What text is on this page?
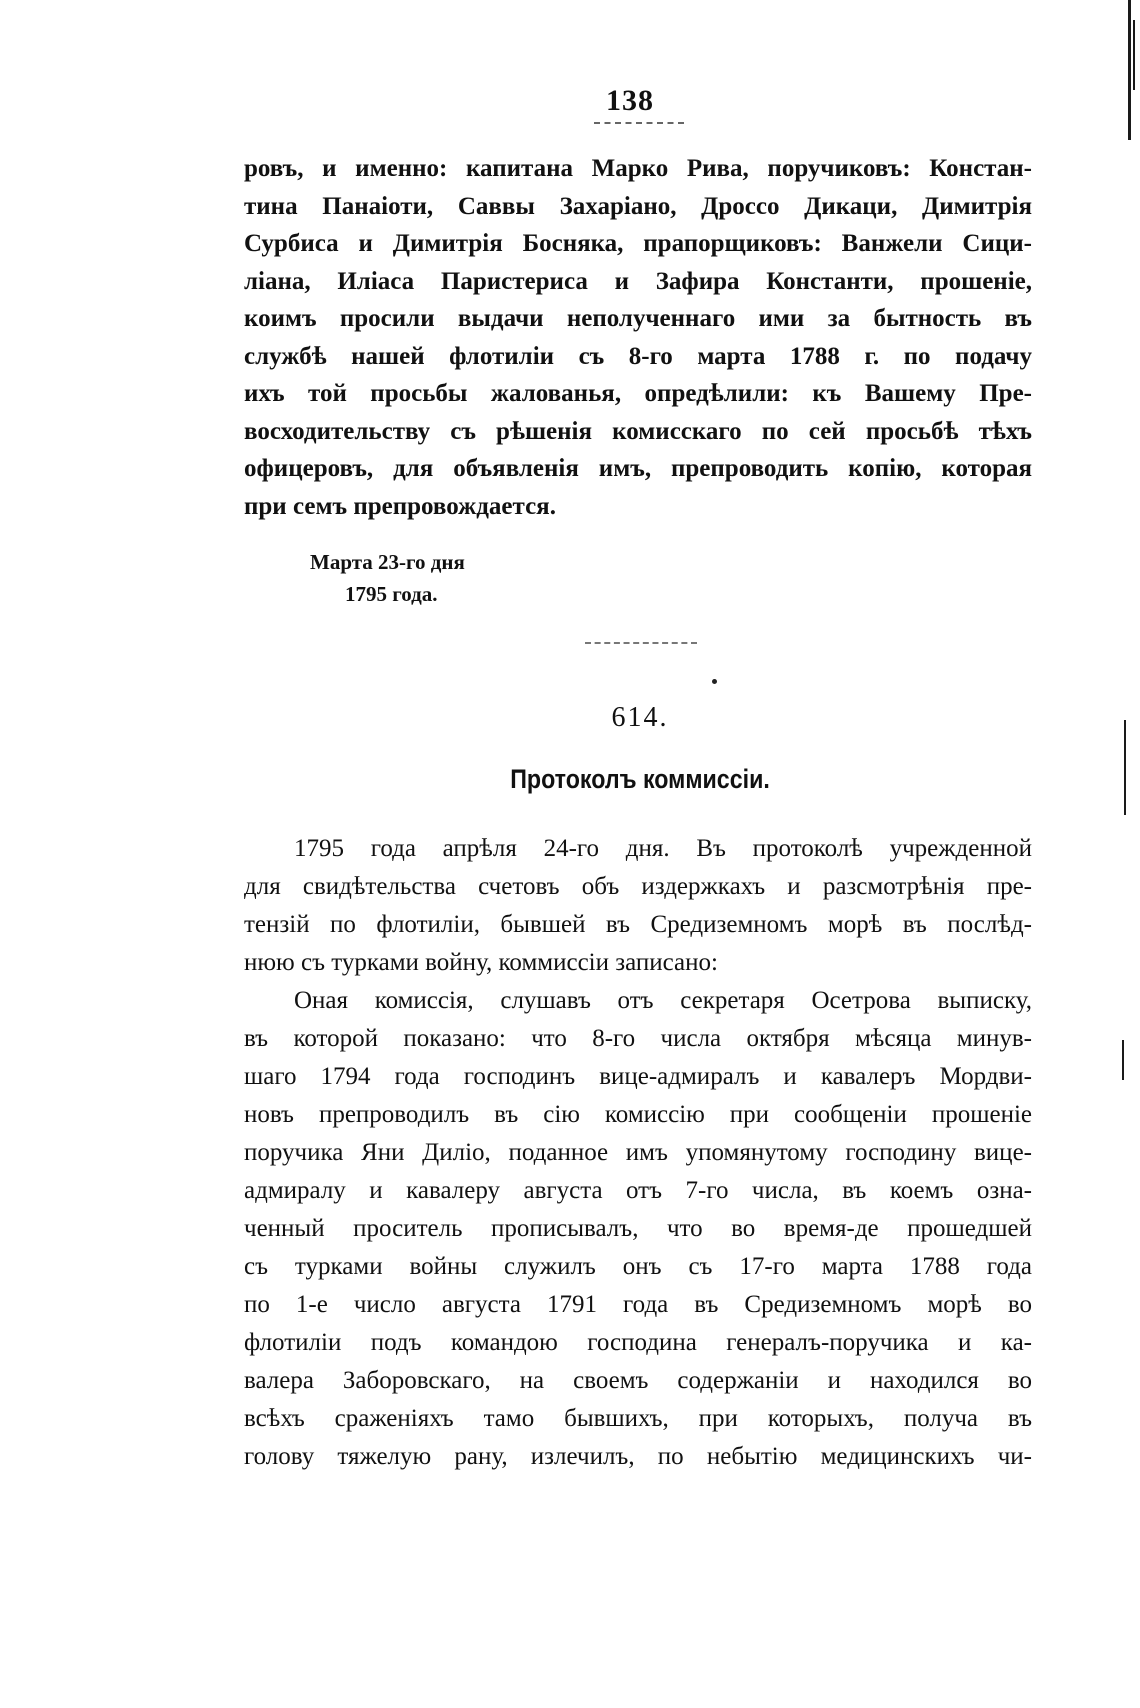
138
ровъ, и именно: капитана Марко Рива, поручиковъ: Констан-
тина Панаіоти, Саввы Захаріано, Дроссо Дикаци, Димитрія
Сурбиса и Димитрія Босняка, прапорщиковъ: Ванжели Сици-
ліана, Иліаса Паристериса и Зафира Константи, прошеніе,
коимъ просили выдачи неполученнаго ими за бытность въ
службѣ нашей флотиліи съ 8-го марта 1788 г. по подачу
ихъ той просьбы жалованья, опредѣлили: къ Вашему Пре-
восходительству съ рѣшенія комисскаго по сей просьбѣ тѣхъ
офицеровъ, для объявленія имъ, препроводить копію, которая
при семъ препровождается.
Марта 23-го дня
1795 года.
614.
Протоколъ коммиссіи.
1795 года апрѣля 24-го дня. Въ протоколѣ учрежденной
для свидѣтельства счетовъ объ издержкахъ и разсмотрѣнія пре-
тензій по флотиліи, бывшей въ Средиземномъ морѣ въ послѣд-
нюю съ турками войну, коммиссіи записано:
Оная комиссія, слушавъ отъ секретаря Осетрова выписку,
въ которой показано: что 8-го числа октября мѣсяца минув-
шаго 1794 года господинъ вице-адмиралъ и кавалеръ Мордви-
новъ препроводилъ въ сію комиссію при сообщеніи прошеніе
поручика Яни Диліо, поданное имъ упомянутому господину вице-
адмиралу и кавалеру августа отъ 7-го числа, въ коемъ озна-
ченный проситель прописывалъ, что во время-де прошедшей
съ турками войны служилъ онъ съ 17-го марта 1788 года
по 1-е число августа 1791 года въ Средиземномъ морѣ во
флотиліи подъ командою господина генералъ-поручика и ка-
валера Заборовскаго, на своемъ содержаніи и находился во
всѣхъ сраженіяхъ тамо бывшихъ, при которыхъ, получа въ
голову тяжелую рану, излечилъ, по небытію медицинскихъ чи-
